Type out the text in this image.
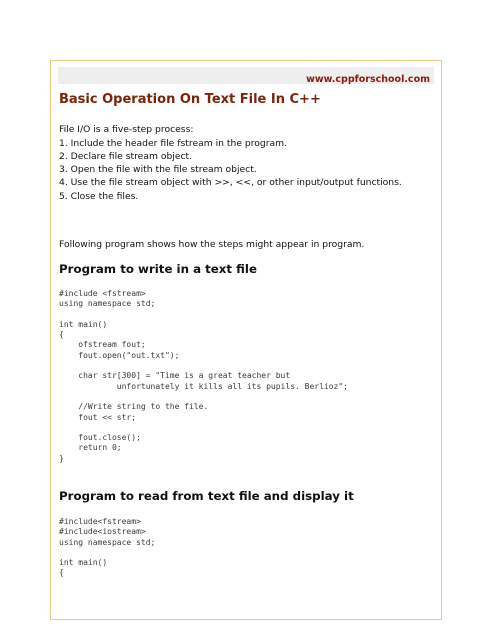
www.cppforschool.com
Basic Operation On Text File In C++

File I/O is a five-step process:

1. Include the header file fstream in the program.
2. Declare file stream object.
3. Open the file with the file stream object.
4. Use the file stream object with >>, <<, or other input/output functions.
5. Close the files.

Following program shows how the steps might appear in program.

Program to write in a text file
#include <fstream>
using namespace std;

int main()
{
ofstream fout;
fout.open("out.txt");

char str[300] = "Time is a great teacher but
unfortunately it kills all its pupils. Berlioz";

//Write string to the file.
fout << str;

fout.close();
return 0;
}
Program to read from text file and display it
#include<fstream>
#include<iostream>
using namespace std;

int main()
{
